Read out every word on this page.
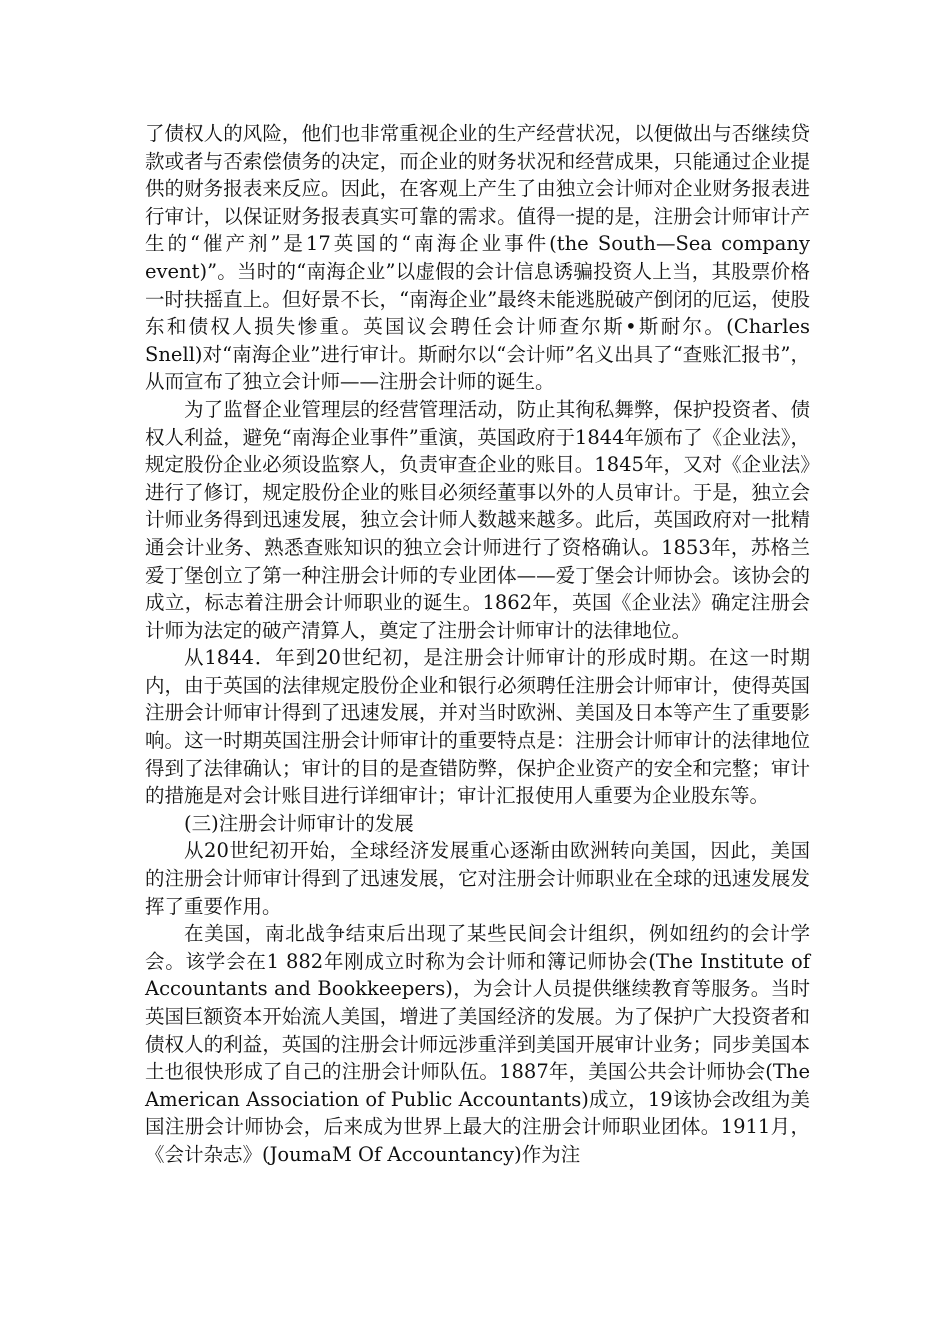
了债权人的风险，他们也非常重视企业的生产经营状况，以便做出与否继续贷款或者与否索偿债务的决定，而企业的财务状况和经营成果，只能通过企业提供的财务报表来反应。因此，在客观上产生了由独立会计师对企业财务报表进行审计，以保证财务报表真实可靠的需求。值得一提的是，注册会计师审计产生的“催产剂”是17英国的“南海企业事件(the South—Sea company event)”。当时的“南海企业”以虚假的会计信息诱骗投资人上当，其股票价格一时扶摇直上。但好景不长，“南海企业”最终未能逃脱破产倒闭的厄运，使股东和债权人损失惨重。英国议会聘任会计师查尔斯•斯耐尔。(Charles Snell)对“南海企业”进行审计。斯耐尔以“会计师”名义出具了“查账汇报书”，从而宣布了独立会计师——注册会计师的诞生。

为了监督企业管理层的经营管理活动，防止其徇私舞弊，保护投资者、债权人利益，避免“南海企业事件”重演，英国政府于1844年颁布了《企业法》，规定股份企业必须设监察人，负责审查企业的账目。1845年，又对《企业法》进行了修订，规定股份企业的账目必须经董事以外的人员审计。于是，独立会计师业务得到迅速发展，独立会计师人数越来越多。此后，英国政府对一批精通会计业务、熟悉查账知识的独立会计师进行了资格确认。1853年，苏格兰爱丁堡创立了第一种注册会计师的专业团体——爱丁堡会计师协会。该协会的成立，标志着注册会计师职业的诞生。1862年，英国《企业法》确定注册会计师为法定的破产清算人，奠定了注册会计师审计的法律地位。

从1844．年到20世纪初，是注册会计师审计的形成时期。在这一时期内，由于英国的法律规定股份企业和银行必须聘任注册会计师审计，使得英国注册会计师审计得到了迅速发展，并对当时欧洲、美国及日本等产生了重要影响。这一时期英国注册会计师审计的重要特点是：注册会计师审计的法律地位得到了法律确认；审计的目的是查错防弊，保护企业资产的安全和完整；审计的措施是对会计账目进行详细审计；审计汇报使用人重要为企业股东等。

(三)注册会计师审计的发展

从20世纪初开始，全球经济发展重心逐渐由欧洲转向美国，因此，美国的注册会计师审计得到了迅速发展，它对注册会计师职业在全球的迅速发展发挥了重要作用。

在美国，南北战争结束后出现了某些民间会计组织，例如纽约的会计学会。该学会在1 882年刚成立时称为会计师和簿记师协会(The Institute of Accountants and Bookkeepers)，为会计人员提供继续教育等服务。当时英国巨额资本开始流人美国，增进了美国经济的发展。为了保护广大投资者和债权人的利益，英国的注册会计师远涉重洋到美国开展审计业务；同步美国本土也很快形成了自己的注册会计师队伍。1887年，美国公共会计师协会(The American Association of Public Accountants)成立，19该协会改组为美国注册会计师协会，后来成为世界上最大的注册会计师职业团体。1911月，《会计杂志》(JoumaM Of Accountancy)作为注
